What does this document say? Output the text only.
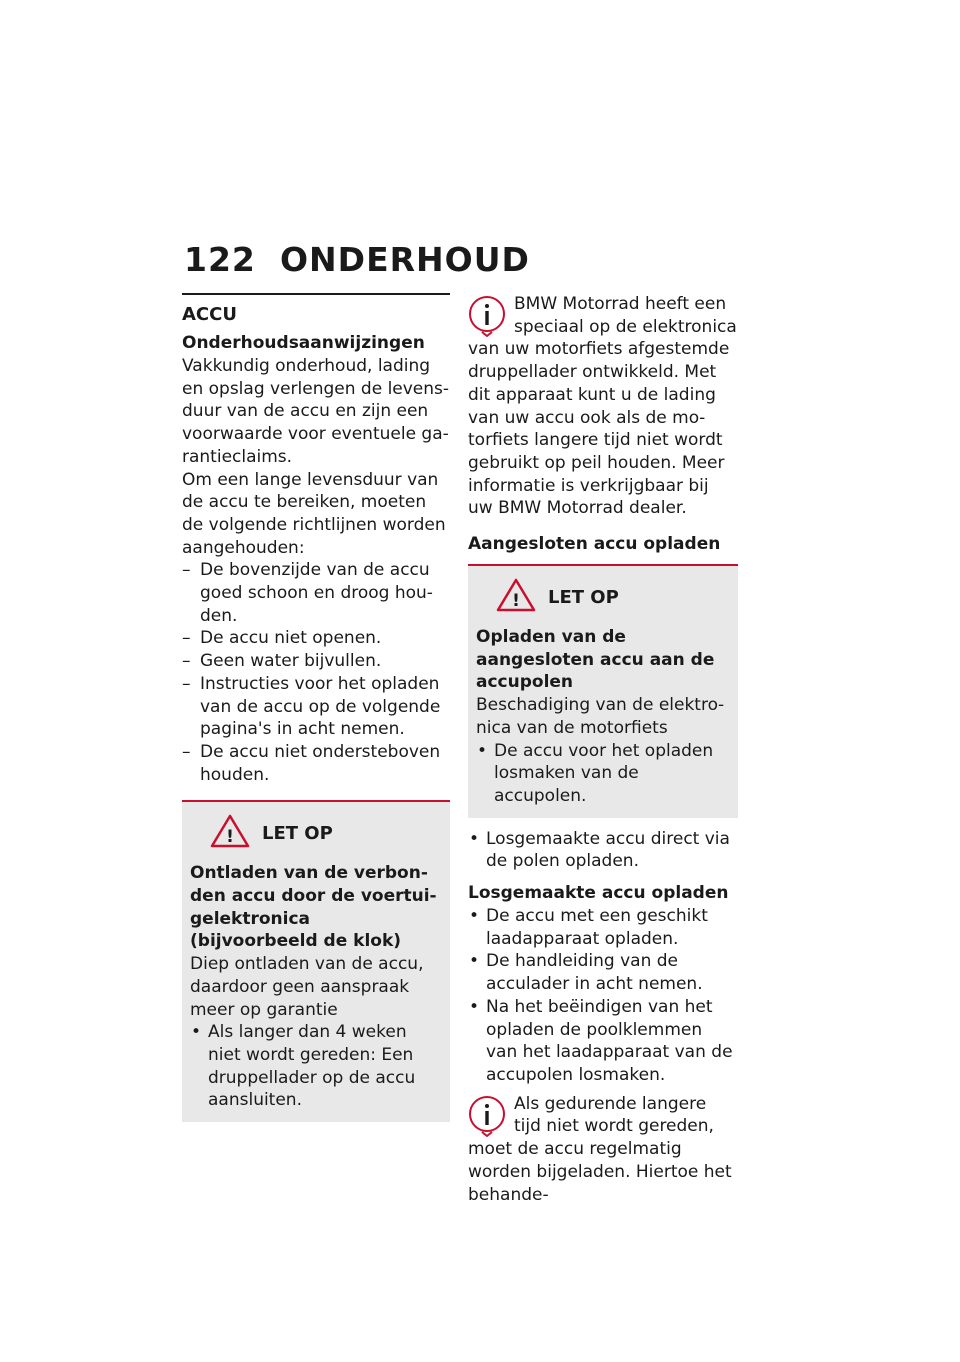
122 ONDERHOUD
ACCU
Onderhoudsaanwijzingen
Vakkundig onderhoud, lading en opslag verlengen de levensduur van de accu en zijn een voorwaarde voor eventuele garantieclaims.
Om een lange levensduur van de accu te bereiken, moeten de volgende richtlijnen worden aangehouden:
– De bovenzijde van de accu goed schoon en droog houden.
– De accu niet openen.
– Geen water bijvullen.
– Instructies voor het opladen van de accu op de volgende pagina's in acht nemen.
– De accu niet ondersteboven houden.
! LET OP
Ontladen van de verbonden accu door de voertuigelektronica (bijvoorbeeld de klok)
Diep ontladen van de accu, daardoor geen aanspraak meer op garantie
• Als langer dan 4 weken niet wordt gereden: Een druppellader op de accu aansluiten.
BMW Motorrad heeft een speciaal op de elektronica van uw motorfiets afgestemde druppellader ontwikkeld. Met dit apparaat kunt u de lading van uw accu ook als de motorfiets langere tijd niet wordt gebruikt op peil houden. Meer informatie is verkrijgbaar bij uw BMW Motorrad dealer.
Aangesloten accu opladen
! LET OP
Opladen van de aangesloten accu aan de accupolen
Beschadiging van de elektronica van de motorfiets
• De accu voor het opladen losmaken van de accupolen.
• Losgemaakte accu direct via de polen opladen.
Losgemaakte accu opladen
• De accu met een geschikt laadapparaat opladen.
• De handleiding van de acculader in acht nemen.
• Na het beëindigen van het opladen de poolklemmen van het laadapparaat van de accupolen losmaken.
Als gedurende langere tijd niet wordt gereden, moet de accu regelmatig worden bijgeladen. Hiertoe het behande-
